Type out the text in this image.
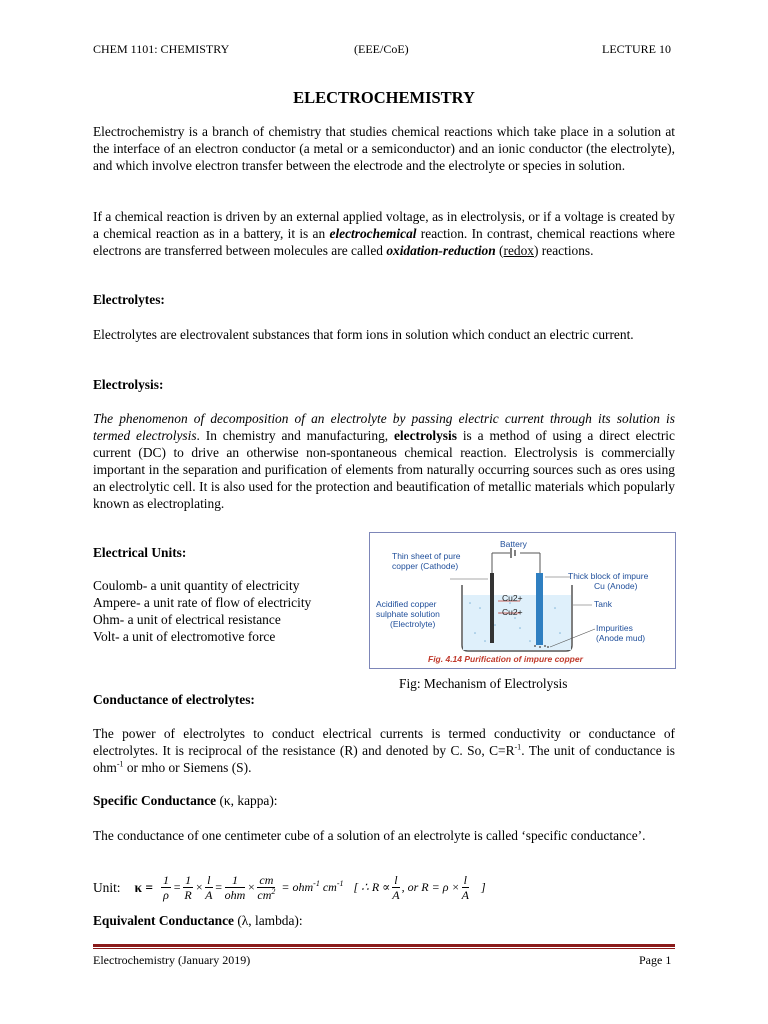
CHEM 1101: CHEMISTRY	(EEE/CoE)	LECTURE 10
ELECTROCHEMISTRY

Electrochemistry is a branch of chemistry that studies chemical reactions which take place in a solution at the interface of an electron conductor (a metal or a semiconductor) and an ionic conductor (the electrolyte), and which involve electron transfer between the electrode and the electrolyte or species in solution.

If a chemical reaction is driven by an external applied voltage, as in electrolysis, or if a voltage is created by a chemical reaction as in a battery, it is an electrochemical reaction. In contrast, chemical reactions where electrons are transferred between molecules are called oxidation-reduction (redox) reactions.

Electrolytes:

Electrolytes are electrovalent substances that form ions in solution which conduct an electric current.

Electrolysis:

The phenomenon of decomposition of an electrolyte by passing electric current through its solution is termed electrolysis. In chemistry and manufacturing, electrolysis is a method of using a direct electric current (DC) to drive an otherwise non-spontaneous chemical reaction. Electrolysis is commercially important in the separation and purification of elements from naturally occurring sources such as ores using an electrolytic cell. It is also used for the protection and beautification of metallic materials which popularly known as electroplating.

Electrical Units:
Coulomb- a unit quantity of electricity
Ampere- a unit rate of flow of electricity
Ohm- a unit of electrical resistance
Volt- a unit of electromotive force
Battery
Thin sheet of pure
copper (Cathode)
Thick block of impure
Cu (Anode)
Acidified copper
sulphate solution
(Electrolyte)
Tank
Impurities
(Anode mud)
Cu2+
Cu2+
Fig. 4.14 Purification of impure copper
Fig: Mechanism of Electrolysis
Conductance of electrolytes:

The power of electrolytes to conduct electrical currents is termed conductivity or conductance of electrolytes. It is reciprocal of the resistance (R) and denoted by C. So, $C=R^{-1}$. The unit of conductance is ohm$^{-1}$ or mho or Siemens (S).

Specific Conductance (κ, kappa):

The conductance of one centimeter cube of a solution of an electrolyte is called ‘specific conductance’.

Unit: $\kappa = \frac{1}{\rho} = \frac{1}{R} \times \frac{l}{A} = \frac{1}{\text{ohm}} \times \frac{cm}{cm^2} = ohm^{-1}$ $cm^{-1}$ [ ∴ $R \propto \frac{l}{A}$ , or $R = \rho \times \frac{l}{A}$ ]
Equivalent Conductance (λ, lambda):
Electrochemistry (January 2019)	Page 1
